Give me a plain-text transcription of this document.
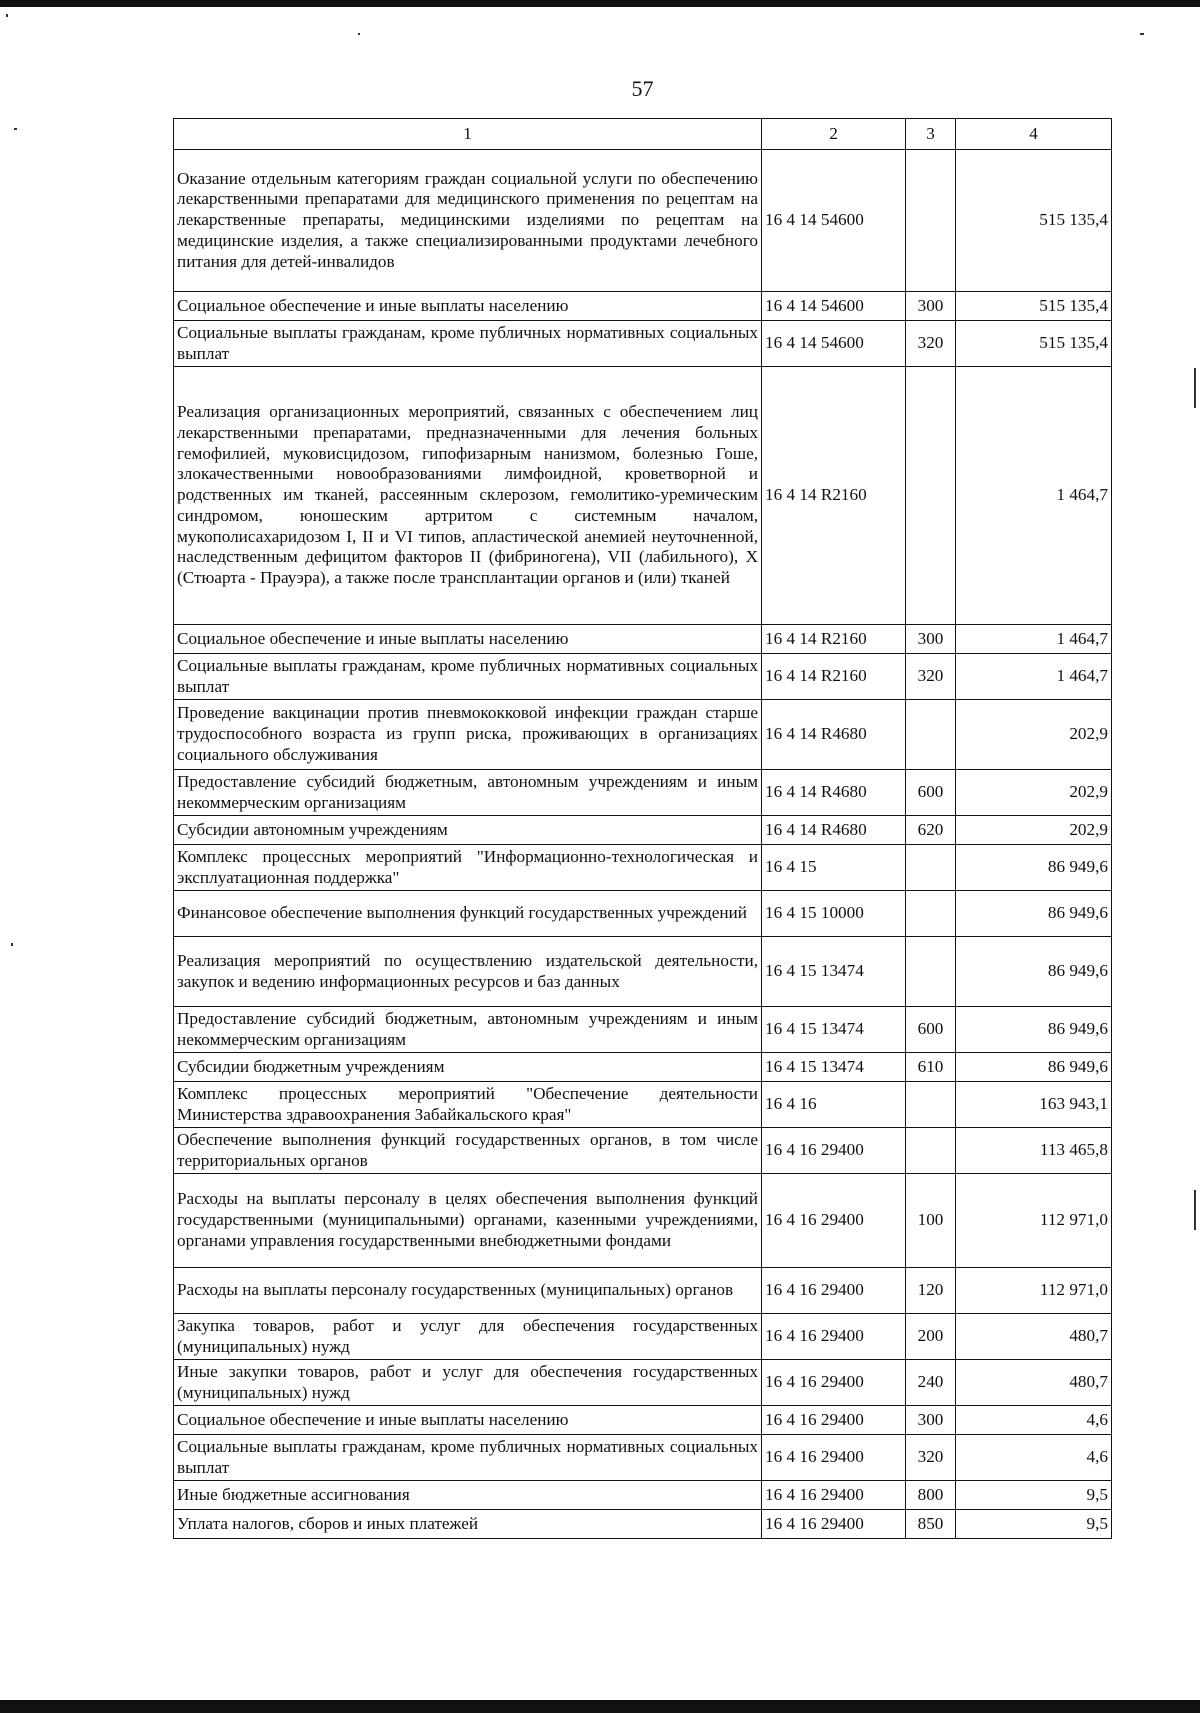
57
1	2	3	4
Оказание отдельным категориям граждан социальной услуги по обеспечению лекарственными препаратами для медицинского применения по рецептам на лекарственные препараты, медицинскими изделиями по рецептам на медицинские изделия, а также специализированными продуктами лечебного питания для детей-инвалидов	16 4 14 54600		515 135,4
Социальное обеспечение и иные выплаты населению	16 4 14 54600	300	515 135,4
Социальные выплаты гражданам, кроме публичных нормативных социальных выплат	16 4 14 54600	320	515 135,4
Реализация организационных мероприятий, связанных с обеспечением лиц лекарственными препаратами, предназначенными для лечения больных гемофилией, муковисцидозом, гипофизарным нанизмом, болезнью Гоше, злокачественными новообразованиями лимфоидной, кроветворной и родственных им тканей, рассеянным склерозом, гемолитико-уремическим синдромом, юношеским артритом с системным началом, мукополисахаридозом I, II и VI типов, апластической анемией неуточненной, наследственным дефицитом факторов II (фибриногена), VII (лабильного), X (Стюарта - Прауэра), а также после трансплантации органов и (или) тканей	16 4 14 R2160		1 464,7
Социальное обеспечение и иные выплаты населению	16 4 14 R2160	300	1 464,7
Социальные выплаты гражданам, кроме публичных нормативных социальных выплат	16 4 14 R2160	320	1 464,7
Проведение вакцинации против пневмококковой инфекции граждан старше трудоспособного возраста из групп риска, проживающих в организациях социального обслуживания	16 4 14 R4680		202,9
Предоставление субсидий бюджетным, автономным учреждениям и иным некоммерческим организациям	16 4 14 R4680	600	202,9
Субсидии автономным учреждениям	16 4 14 R4680	620	202,9
Комплекс процессных мероприятий "Информационно-технологическая и эксплуатационная поддержка"	16 4 15		86 949,6
Финансовое обеспечение выполнения функций государственных учреждений	16 4 15 10000		86 949,6
Реализация мероприятий по осуществлению издательской деятельности, закупок и ведению информационных ресурсов и баз данных	16 4 15 13474		86 949,6
Предоставление субсидий бюджетным, автономным учреждениям и иным некоммерческим организациям	16 4 15 13474	600	86 949,6
Субсидии бюджетным учреждениям	16 4 15 13474	610	86 949,6
Комплекс процессных мероприятий "Обеспечение деятельности Министерства здравоохранения Забайкальского края"	16 4 16		163 943,1
Обеспечение выполнения функций государственных органов, в том числе территориальных органов	16 4 16 29400		113 465,8
Расходы на выплаты персоналу в целях обеспечения выполнения функций государственными (муниципальными) органами, казенными учреждениями, органами управления государственными внебюджетными фондами	16 4 16 29400	100	112 971,0
Расходы на выплаты персоналу государственных (муниципальных) органов	16 4 16 29400	120	112 971,0
Закупка товаров, работ и услуг для обеспечения государственных (муниципальных) нужд	16 4 16 29400	200	480,7
Иные закупки товаров, работ и услуг для обеспечения государственных (муниципальных) нужд	16 4 16 29400	240	480,7
Социальное обеспечение и иные выплаты населению	16 4 16 29400	300	4,6
Социальные выплаты гражданам, кроме публичных нормативных социальных выплат	16 4 16 29400	320	4,6
Иные бюджетные ассигнования	16 4 16 29400	800	9,5
Уплата налогов, сборов и иных платежей	16 4 16 29400	850	9,5
